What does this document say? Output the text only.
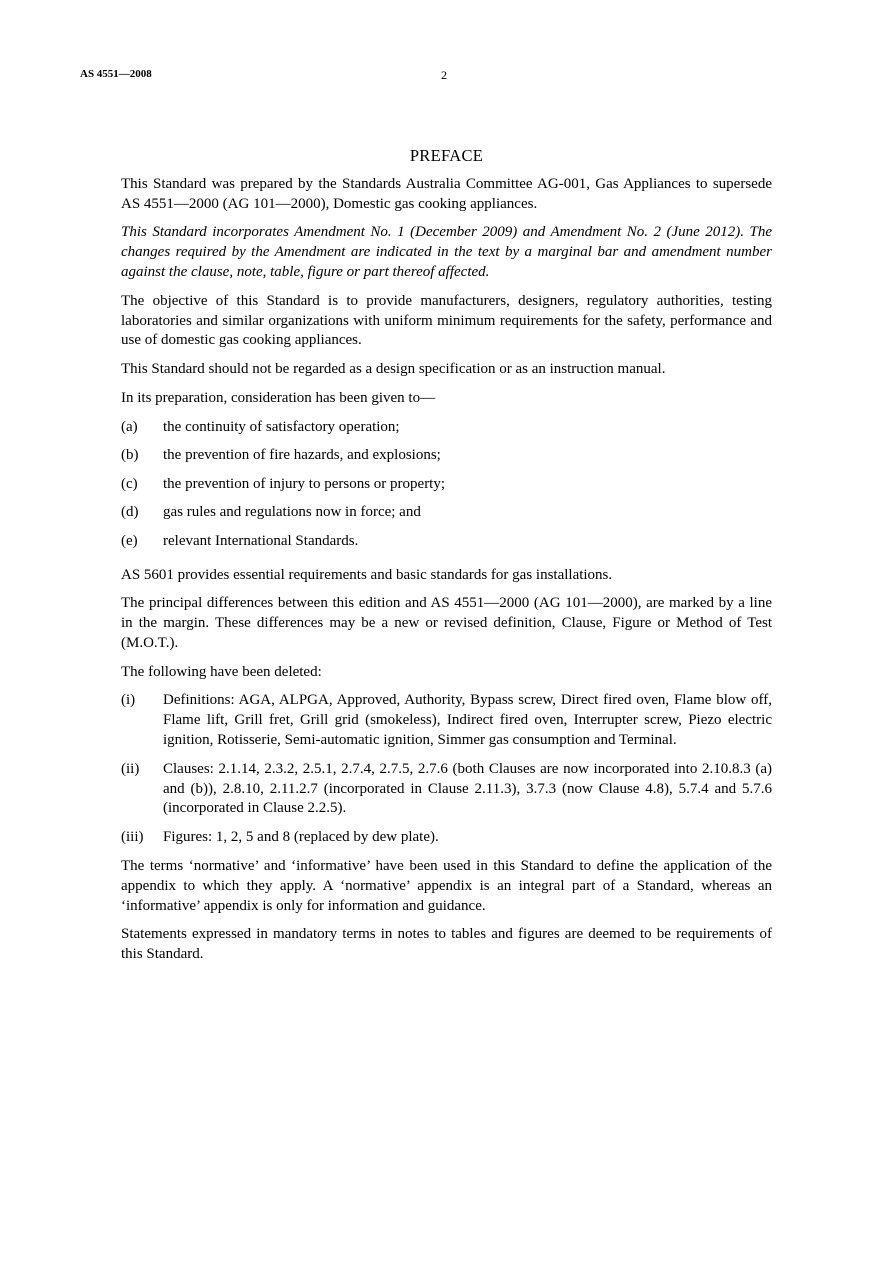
AS 4551—2008	2
PREFACE

This Standard was prepared by the Standards Australia Committee AG-001, Gas Appliances to supersede AS 4551—2000 (AG 101—2000), Domestic gas cooking appliances.

This Standard incorporates Amendment No. 1 (December 2009) and Amendment No. 2 (June 2012). The changes required by the Amendment are indicated in the text by a marginal bar and amendment number against the clause, note, table, figure or part thereof affected.

The objective of this Standard is to provide manufacturers, designers, regulatory authorities, testing laboratories and similar organizations with uniform minimum requirements for the safety, performance and use of domestic gas cooking appliances.

This Standard should not be regarded as a design specification or as an instruction manual.

In its preparation, consideration has been given to—

(a)	the continuity of satisfactory operation;
(b)	the prevention of fire hazards, and explosions;
(c)	the prevention of injury to persons or property;
(d)	gas rules and regulations now in force; and
(e)	relevant International Standards.

AS 5601 provides essential requirements and basic standards for gas installations.

The principal differences between this edition and AS 4551—2000 (AG 101—2000), are marked by a line in the margin. These differences may be a new or revised definition, Clause, Figure or Method of Test (M.O.T.).

The following have been deleted:

(i)	Definitions: AGA, ALPGA, Approved, Authority, Bypass screw, Direct fired oven, Flame blow off, Flame lift, Grill fret, Grill grid (smokeless), Indirect fired oven, Interrupter screw, Piezo electric ignition, Rotisserie, Semi-automatic ignition, Simmer gas consumption and Terminal.
(ii)	Clauses: 2.1.14, 2.3.2, 2.5.1, 2.7.4, 2.7.5, 2.7.6 (both Clauses are now incorporated into 2.10.8.3 (a) and (b)), 2.8.10, 2.11.2.7 (incorporated in Clause 2.11.3), 3.7.3 (now Clause 4.8), 5.7.4 and 5.7.6 (incorporated in Clause 2.2.5).
(iii)	Figures: 1, 2, 5 and 8 (replaced by dew plate).

The terms ‘normative’ and ‘informative’ have been used in this Standard to define the application of the appendix to which they apply. A ‘normative’ appendix is an integral part of a Standard, whereas an ‘informative’ appendix is only for information and guidance.

Statements expressed in mandatory terms in notes to tables and figures are deemed to be requirements of this Standard.
